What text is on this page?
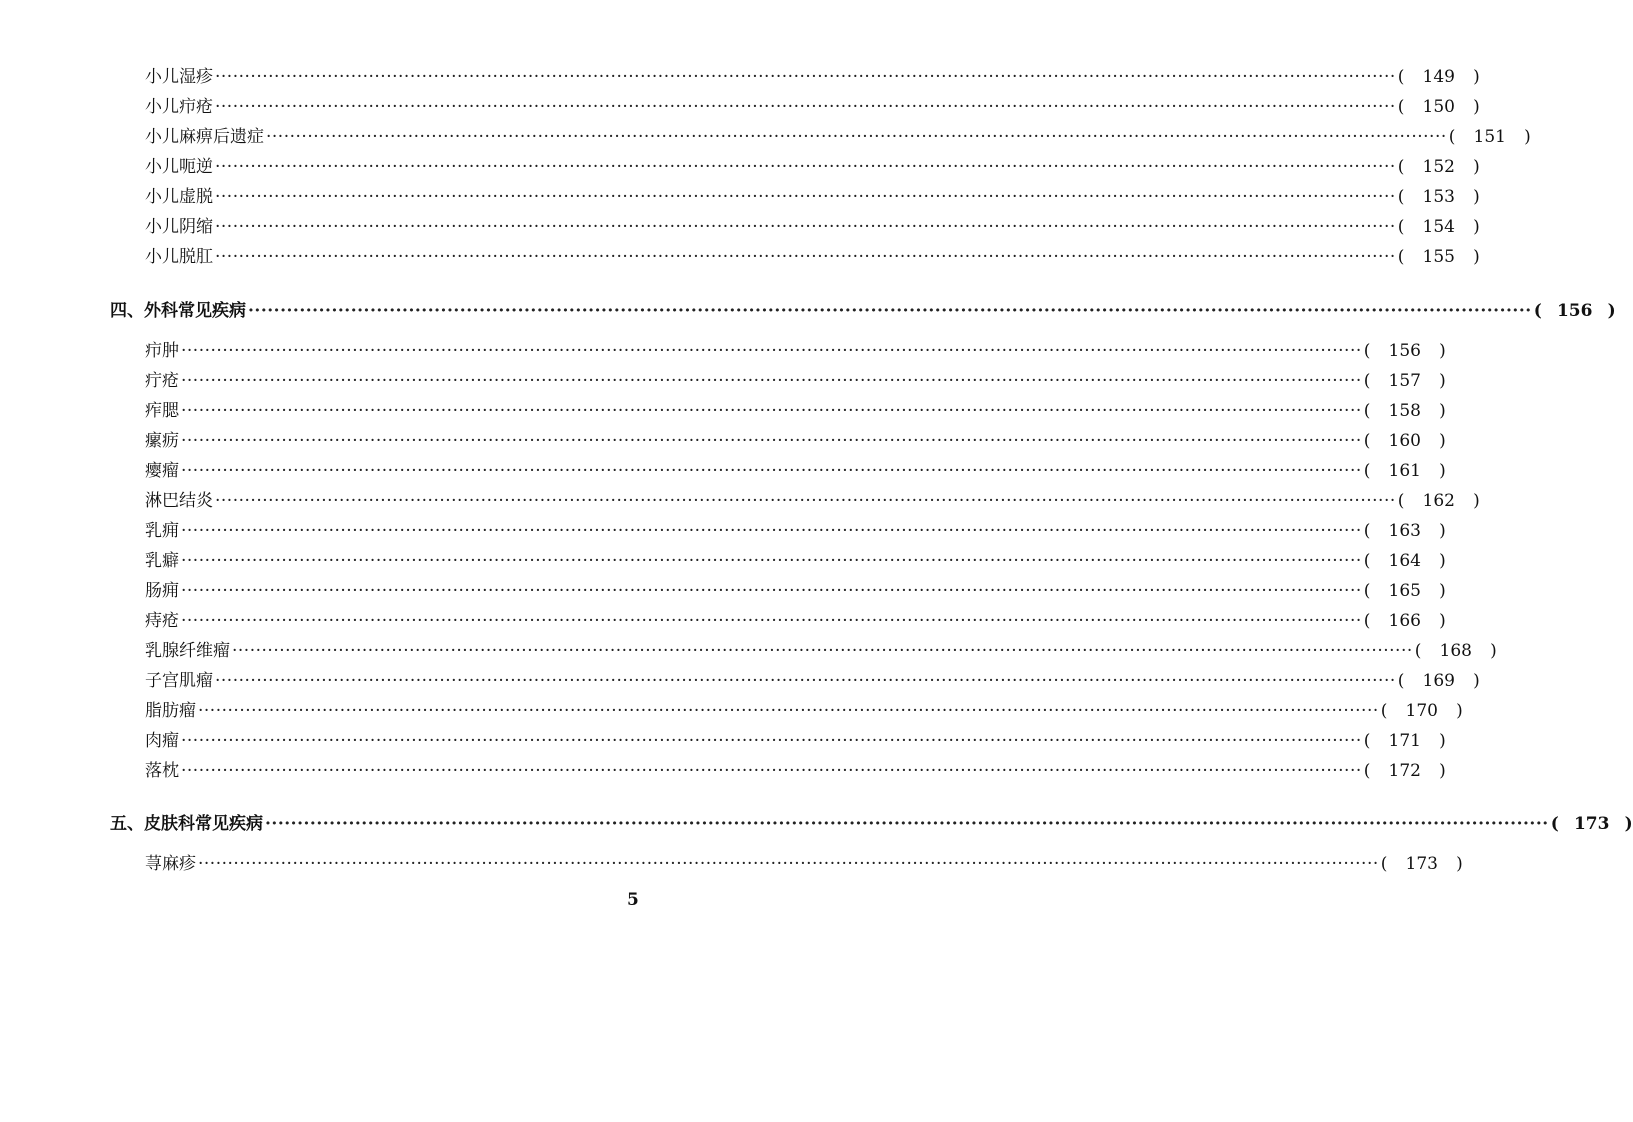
小儿湿疹 ········································································································································································································ (	149	)
小儿疖疮 ········································································································································································································ (	150	)
小儿麻痹后遗症 ········································································································································································································ (	151	)
小儿呃逆 ········································································································································································································ (	152	)
小儿虚脱 ········································································································································································································ (	153	)
小儿阴缩 ········································································································································································································ (	154	)
小儿脱肛 ········································································································································································································ (	155	)
四、外科常见疾病 ········································································································································································································ ( 156 )
疖肿 ········································································································································································································ (	156	)
疔疮 ········································································································································································································ (	157	)
痄腮 ········································································································································································································ (	158	)
瘰疬 ········································································································································································································ (	160	)
瘿瘤 ········································································································································································································ (	161	)
淋巴结炎 ········································································································································································································ (	162	)
乳痈 ········································································································································································································ (	163	)
乳癖 ········································································································································································································ (	164	)
肠痈 ········································································································································································································ (	165	)
痔疮 ········································································································································································································ (	166	)
乳腺纤维瘤 ········································································································································································································ (	168	)
子宫肌瘤 ········································································································································································································ (	169	)
脂肪瘤 ········································································································································································································ (	170	)
肉瘤 ········································································································································································································ (	171	)
落枕 ········································································································································································································ (	172	)
五、皮肤科常见疾病 ········································································································································································································ ( 173 )
荨麻疹 ········································································································································································································ (	173	)
5
